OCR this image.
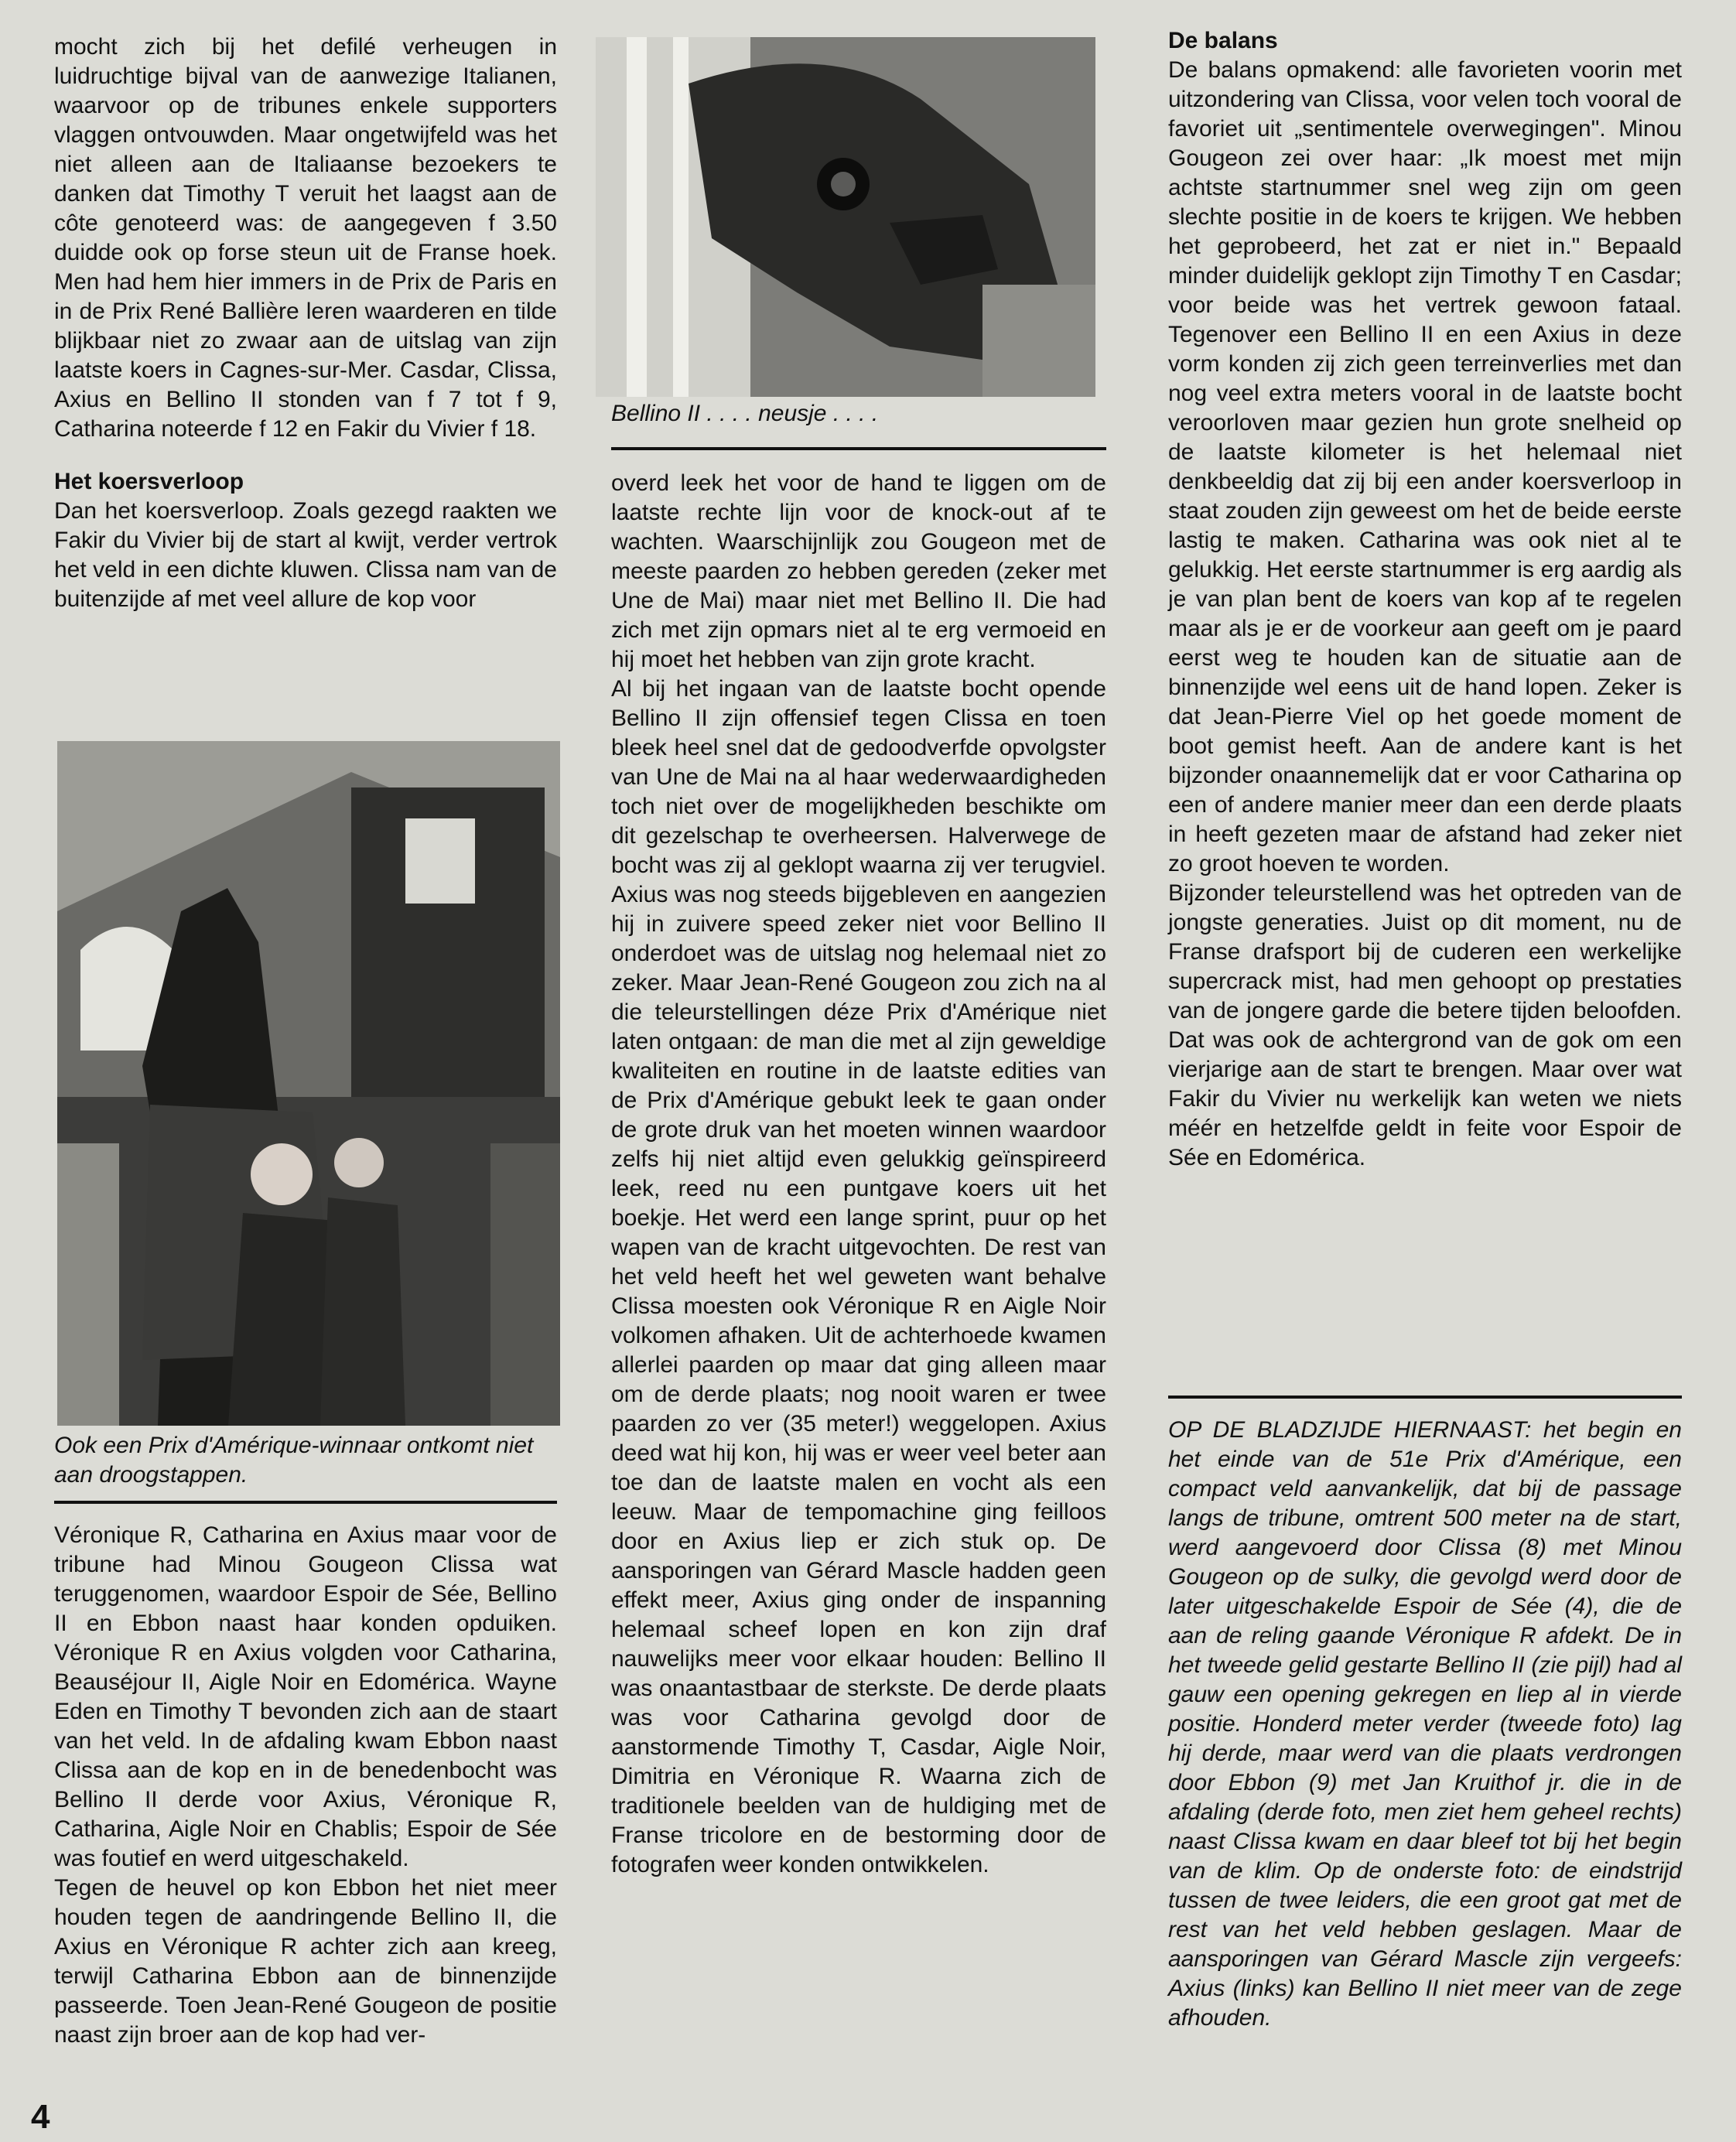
mocht zich bij het defilé verheugen in luidruchtige bijval van de aanwezige Italianen, waarvoor op de tribunes enkele supporters vlaggen ontvouwden. Maar ongetwijfeld was het niet alleen aan de Italiaanse bezoekers te danken dat Timothy T veruit het laagst aan de côte genoteerd was: de aangegeven f 3.50 duidde ook op forse steun uit de Franse hoek. Men had hem hier immers in de Prix de Paris en in de Prix René Ballière leren waarderen en tilde blijkbaar niet zo zwaar aan de uitslag van zijn laatste koers in Cagnes-sur-Mer. Casdar, Clissa, Axius en Bellino II stonden van f 7 tot f 9, Catharina noteerde f 12 en Fakir du Vivier f 18.

Het koersverloop

Dan het koersverloop. Zoals gezegd raakten we Fakir du Vivier bij de start al kwijt, verder vertrok het veld in een dichte kluwen. Clissa nam van de buitenzijde af met veel allure de kop voor

Ook een Prix d'Amérique-winnaar ontkomt niet aan droogstappen.

Véronique R, Catharina en Axius maar voor de tribune had Minou Gougeon Clissa wat teruggenomen, waardoor Espoir de Sée, Bellino II en Ebbon naast haar konden opduiken. Véronique R en Axius volgden voor Catharina, Beauséjour II, Aigle Noir en Edomérica. Wayne Eden en Timothy T bevonden zich aan de staart van het veld. In de afdaling kwam Ebbon naast Clissa aan de kop en in de benedenbocht was Bellino II derde voor Axius, Véronique R, Catharina, Aigle Noir en Chablis; Espoir de Sée was foutief en werd uitgeschakeld.

Tegen de heuvel op kon Ebbon het niet meer houden tegen de aandringende Bellino II, die Axius en Véronique R achter zich aan kreeg, terwijl Catharina Ebbon aan de binnenzijde passeerde. Toen Jean-René Gougeon de positie naast zijn broer aan de kop had ver-

4

Bellino II . . . . neusje . . . .

overd leek het voor de hand te liggen om de laatste rechte lijn voor de knock-out af te wachten. Waarschijnlijk zou Gougeon met de meeste paarden zo hebben gereden (zeker met Une de Mai) maar niet met Bellino II. Die had zich met zijn opmars niet al te erg vermoeid en hij moet het hebben van zijn grote kracht.

Al bij het ingaan van de laatste bocht opende Bellino II zijn offensief tegen Clissa en toen bleek heel snel dat de gedoodverfde opvolgster van Une de Mai na al haar wederwaardigheden toch niet over de mogelijkheden beschikte om dit gezelschap te overheersen. Halverwege de bocht was zij al geklopt waarna zij ver terugviel. Axius was nog steeds bijgebleven en aangezien hij in zuivere speed zeker niet voor Bellino II onderdoet was de uitslag nog helemaal niet zo zeker. Maar Jean-René Gougeon zou zich na al die teleurstellingen déze Prix d'Amérique niet laten ontgaan: de man die met al zijn geweldige kwaliteiten en routine in de laatste edities van de Prix d'Amérique gebukt leek te gaan onder de grote druk van het moeten winnen waardoor zelfs hij niet altijd even gelukkig geïnspireerd leek, reed nu een puntgave koers uit het boekje. Het werd een lange sprint, puur op het wapen van de kracht uitgevochten. De rest van het veld heeft het wel geweten want behalve Clissa moesten ook Véronique R en Aigle Noir volkomen afhaken. Uit de achterhoede kwamen allerlei paarden op maar dat ging alleen maar om de derde plaats; nog nooit waren er twee paarden zo ver (35 meter!) weggelopen. Axius deed wat hij kon, hij was er weer veel beter aan toe dan de laatste malen en vocht als een leeuw. Maar de tempomachine ging feilloos door en Axius liep er zich stuk op. De aansporingen van Gérard Mascle hadden geen effekt meer, Axius ging onder de inspanning helemaal scheef lopen en kon zijn draf nauwelijks meer voor elkaar houden: Bellino II was onaantastbaar de sterkste. De derde plaats was voor Catharina gevolgd door de aanstormende Timothy T, Casdar, Aigle Noir, Dimitria en Véronique R. Waarna zich de traditionele beelden van de huldiging met de Franse tricolore en de bestorming door de fotografen weer konden ontwikkelen.

De balans

De balans opmakend: alle favorieten voorin met uitzondering van Clissa, voor velen toch vooral de favoriet uit „sentimentele overwegingen". Minou Gougeon zei over haar: „Ik moest met mijn achtste startnummer snel weg zijn om geen slechte positie in de koers te krijgen. We hebben het geprobeerd, het zat er niet in." Bepaald minder duidelijk geklopt zijn Timothy T en Casdar; voor beide was het vertrek gewoon fataal. Tegenover een Bellino II en een Axius in deze vorm konden zij zich geen terreinverlies met dan nog veel extra meters vooral in de laatste bocht veroorloven maar gezien hun grote snelheid op de laatste kilometer is het helemaal niet denkbeeldig dat zij bij een ander koersverloop in staat zouden zijn geweest om het de beide eerste lastig te maken. Catharina was ook niet al te gelukkig. Het eerste startnummer is erg aardig als je van plan bent de koers van kop af te regelen maar als je er de voorkeur aan geeft om je paard eerst weg te houden kan de situatie aan de binnenzijde wel eens uit de hand lopen. Zeker is dat Jean-Pierre Viel op het goede moment de boot gemist heeft. Aan de andere kant is het bijzonder onaannemelijk dat er voor Catharina op een of andere manier meer dan een derde plaats in heeft gezeten maar de afstand had zeker niet zo groot hoeven te worden.

Bijzonder teleurstellend was het optreden van de jongste generaties. Juist op dit moment, nu de Franse drafsport bij de cuderen een werkelijke supercrack mist, had men gehoopt op prestaties van de jongere garde die betere tijden beloofden. Dat was ook de achtergrond van de gok om een vierjarige aan de start te brengen. Maar over wat Fakir du Vivier nu werkelijk kan weten we niets méér en hetzelfde geldt in feite voor Espoir de Sée en Edomérica.

OP DE BLADZIJDE HIERNAAST: het begin en het einde van de 51e Prix d'Amérique, een compact veld aanvankelijk, dat bij de passage langs de tribune, omtrent 500 meter na de start, werd aangevoerd door Clissa (8) met Minou Gougeon op de sulky, die gevolgd werd door de later uitgeschakelde Espoir de Sée (4), die de aan de reling gaande Véronique R afdekt. De in het tweede gelid gestarte Bellino II (zie pijl) had al gauw een opening gekregen en liep al in vierde positie. Honderd meter verder (tweede foto) lag hij derde, maar werd van die plaats verdrongen door Ebbon (9) met Jan Kruithof jr. die in de afdaling (derde foto, men ziet hem geheel rechts) naast Clissa kwam en daar bleef tot bij het begin van de klim. Op de onderste foto: de eindstrijd tussen de twee leiders, die een groot gat met de rest van het veld hebben geslagen. Maar de aansporingen van Gérard Mascle zijn vergeefs: Axius (links) kan Bellino II niet meer van de zege afhouden.
